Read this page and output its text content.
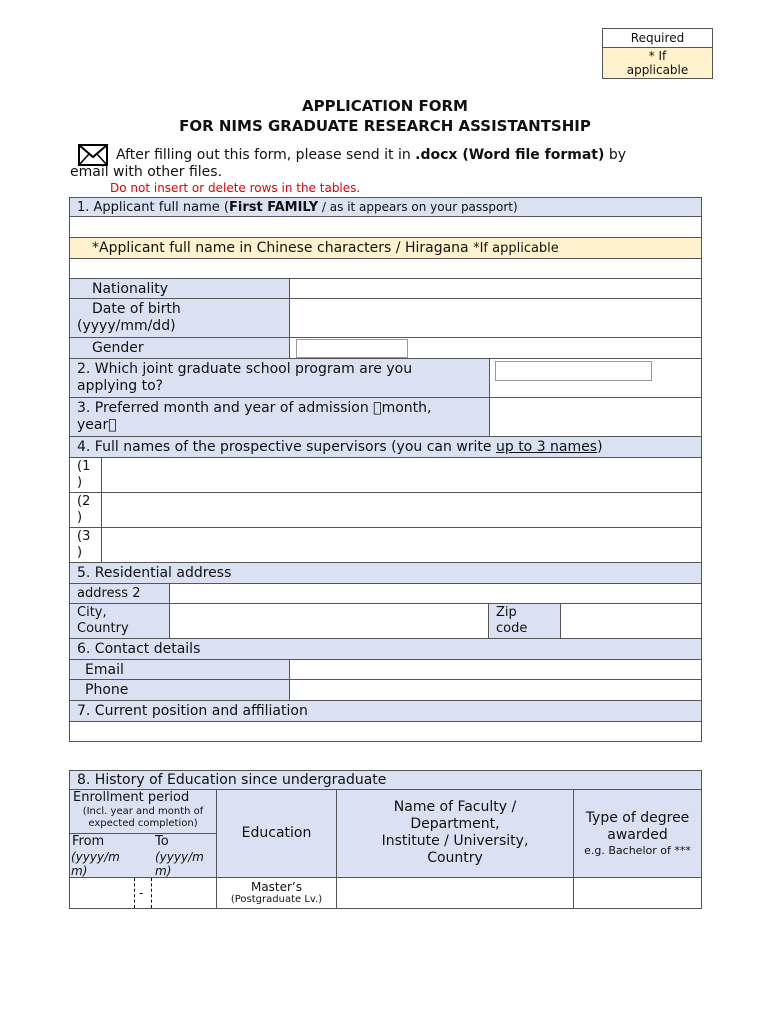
Required
* If applicable
APPLICATION FORM
FOR NIMS GRADUATE RESEARCH ASSISTANTSHIP
After filling out this form, please send it in .docx (Word file format) by
email with other files.
Do not insert or delete rows in the tables.
1. Applicant full name (First FAMILY / as it appears on your passport)
*Applicant full name in Chinese characters / Hiragana *If applicable
Nationality
Date of birth
(yyyy/mm/dd)
Gender
2. Which joint graduate school program are you
applying to?
3. Preferred month and year of admission  month,
year 
4. Full names of the prospective supervisors (you can write up to 3 names)
(1
)
(2
)
(3
)
5. Residential address
address 2
City,
Country
Zip
code
6. Contact details
Email
Phone
7. Current position and affiliation
8. History of Education since undergraduate
Enrollment period
(Incl. year and month of
expected completion)
From	To
(yyyy/m
m)
(yyyy/m
m)
Education
Name of Faculty /
Department,
Institute / University,
Country
Type of degree
awarded
e.g. Bachelor of ***
-	Master’s
(Postgraduate Lv.)
